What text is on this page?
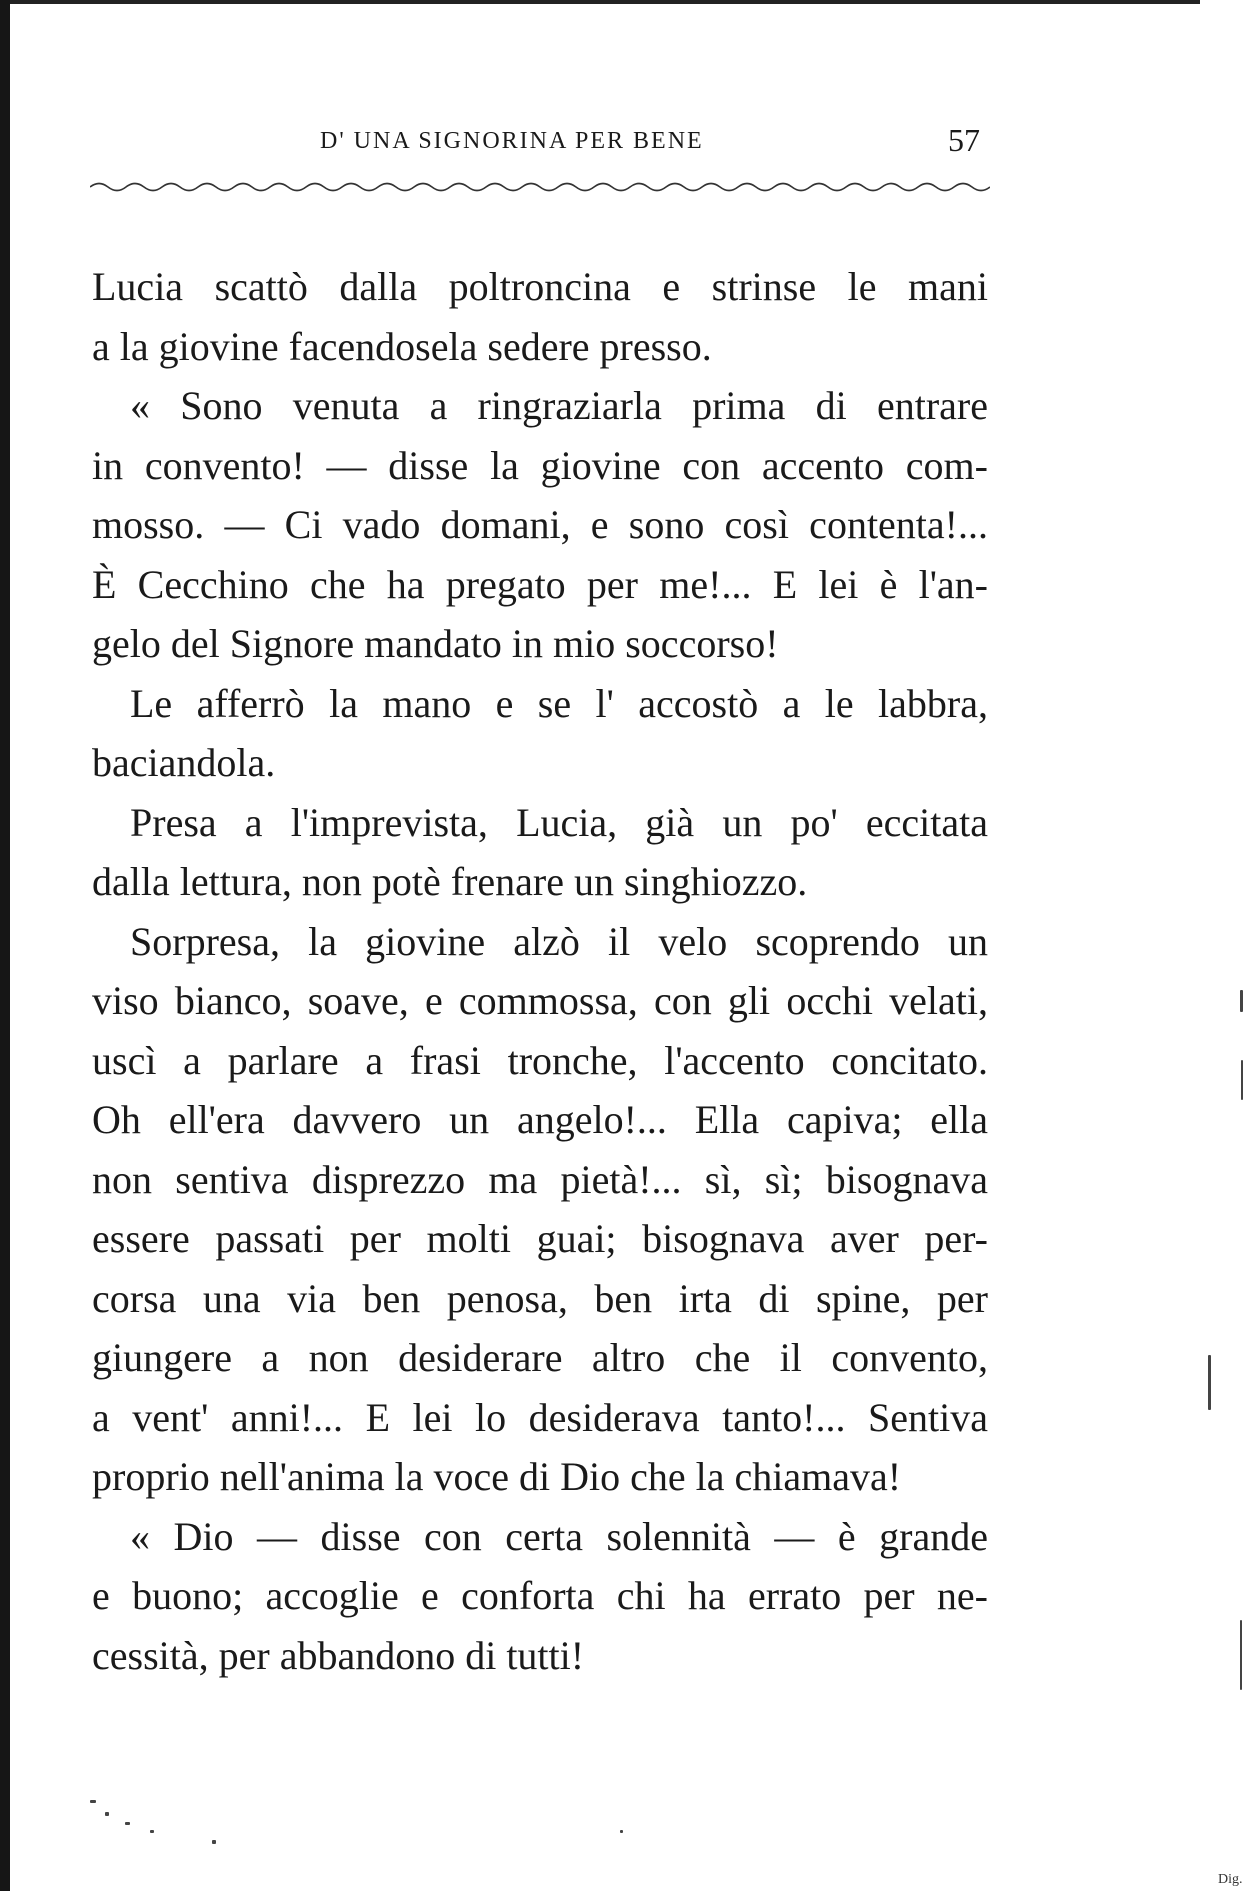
D' UNA SIGNORINA PER BENE	57
Lucia scattò dalla poltroncina e strinse le mani
a la giovine facendosela sedere presso.
« Sono venuta a ringraziarla prima di entrare
in convento! — disse la giovine con accento com-
mosso. — Ci vado domani, e sono così contenta!...
È Cecchino che ha pregato per me!... E lei è l'an-
gelo del Signore mandato in mio soccorso!
Le afferrò la mano e se l' accostò a le labbra,
baciandola.
Presa a l'imprevista, Lucia, già un po' eccitata
dalla lettura, non potè frenare un singhiozzo.
Sorpresa, la giovine alzò il velo scoprendo un
viso bianco, soave, e commossa, con gli occhi velati,
uscì a parlare a frasi tronche, l'accento concitato.
Oh ell'era davvero un angelo!... Ella capiva; ella
non sentiva disprezzo ma pietà!... sì, sì; bisognava
essere passati per molti guai; bisognava aver per-
corsa una via ben penosa, ben irta di spine, per
giungere a non desiderare altro che il convento,
a vent' anni!... E lei lo desiderava tanto!... Sentiva
proprio nell'anima la voce di Dio che la chiamava!
« Dio — disse con certa solennità — è grande
e buono; accoglie e conforta chi ha errato per ne-
cessità, per abbandono di tutti!
Dig.
